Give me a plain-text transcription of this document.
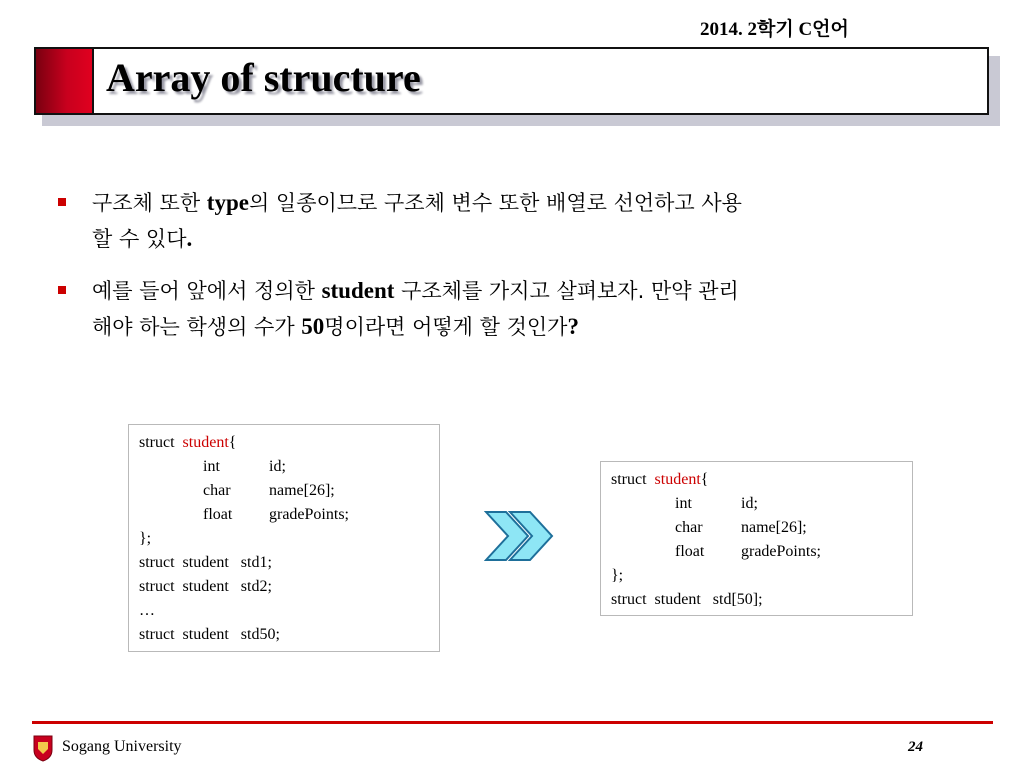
2014. 2학기 C언어
Array of structure
구조체 또한 type의 일종이므로 구조체 변수 또한 배열로 선언하고 사용
할 수 있다.
예를 들어 앞에서 정의한 student 구조체를 가지고 살펴보자. 만약 관리
해야 하는 학생의 수가 50명이라면 어떻게 할 것인가?
struct student{
int	id;
char name[26];
float gradePoints;
};
struct  student   std1;
struct  student   std2;
…
struct  student   std50;
struct student{
int	id;
char name[26];
float gradePoints;
};
struct  student   std[50];
Sogang University	24
